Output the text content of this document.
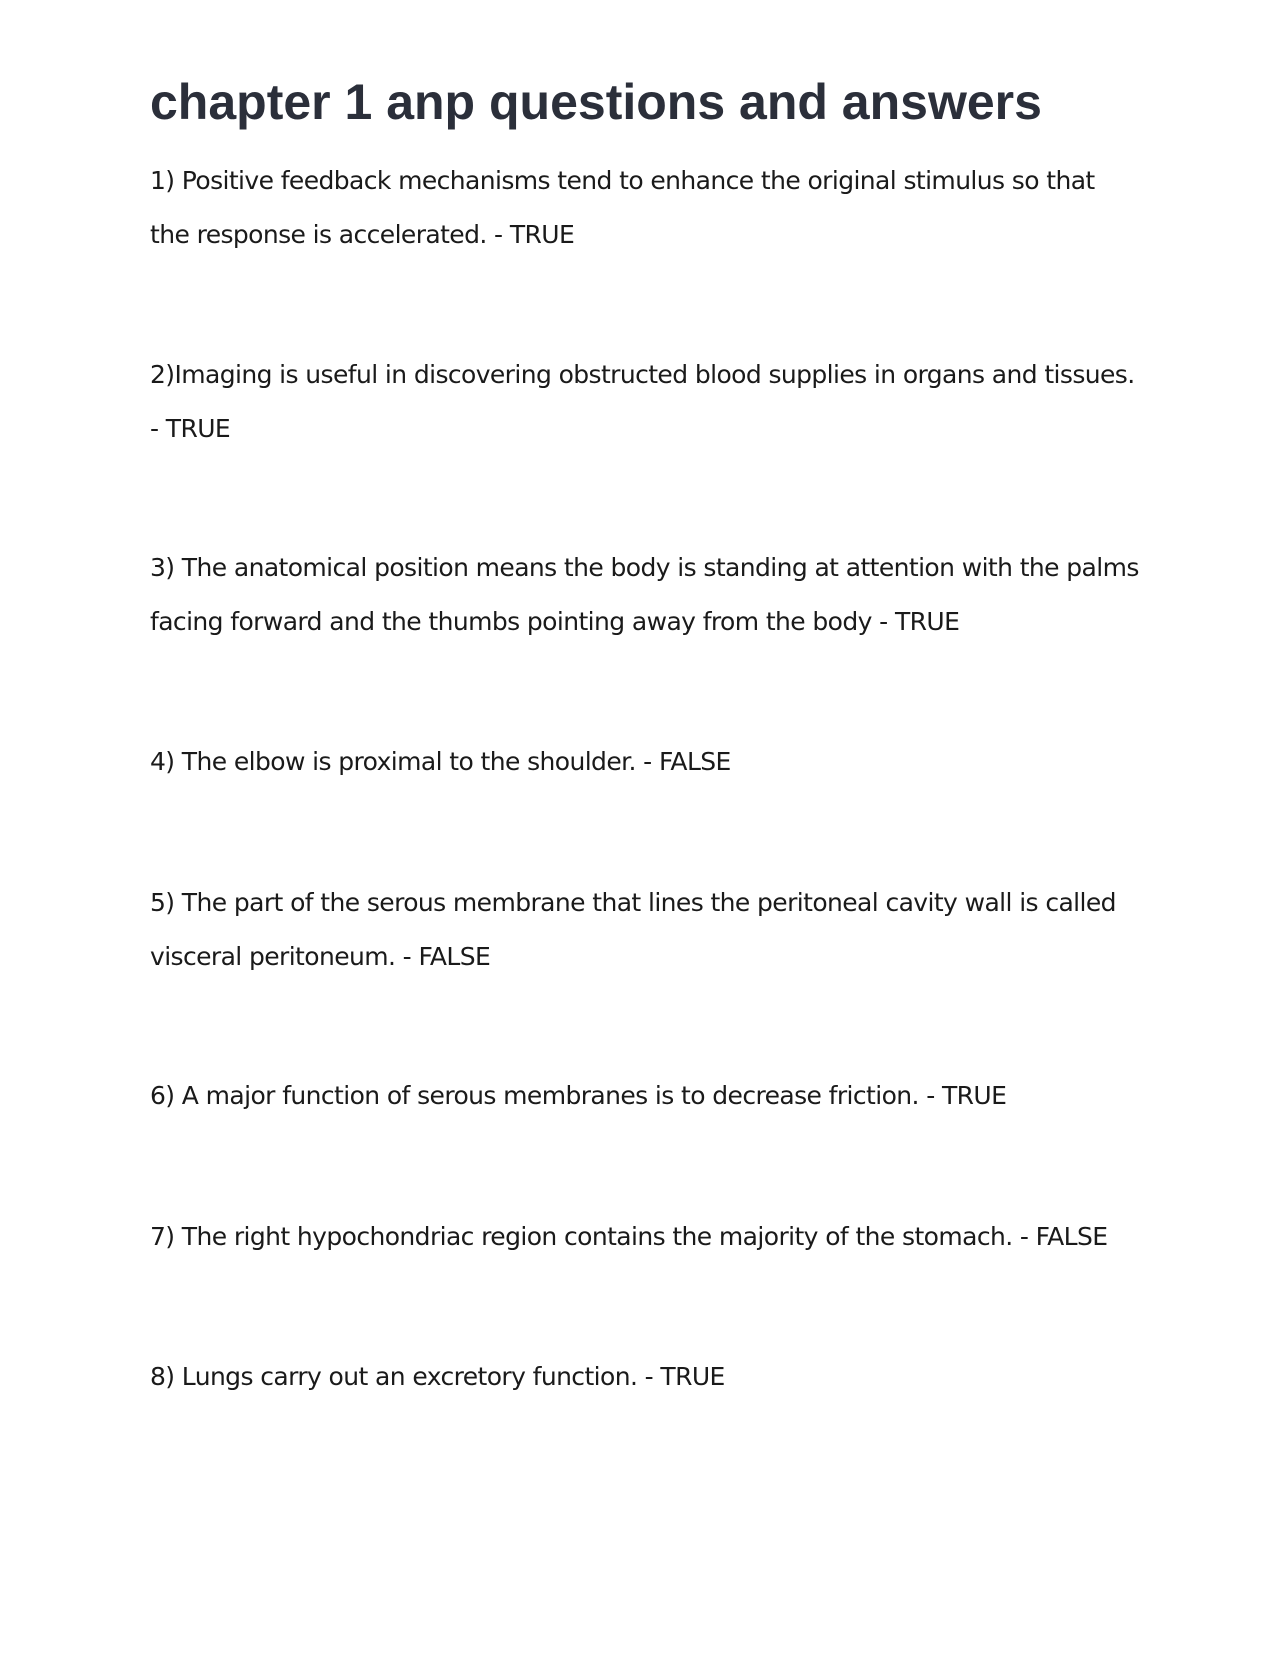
chapter 1 anp questions and answers

1) Positive feedback mechanisms tend to enhance the original stimulus so that the response is accelerated. - TRUE

2)Imaging is useful in discovering obstructed blood supplies in organs and tissues. - TRUE

3) The anatomical position means the body is standing at attention with the palms facing forward and the thumbs pointing away from the body - TRUE

4) The elbow is proximal to the shoulder. - FALSE

5) The part of the serous membrane that lines the peritoneal cavity wall is called visceral peritoneum. - FALSE

6) A major function of serous membranes is to decrease friction. - TRUE

7) The right hypochondriac region contains the majority of the stomach. - FALSE

8) Lungs carry out an excretory function. - TRUE
